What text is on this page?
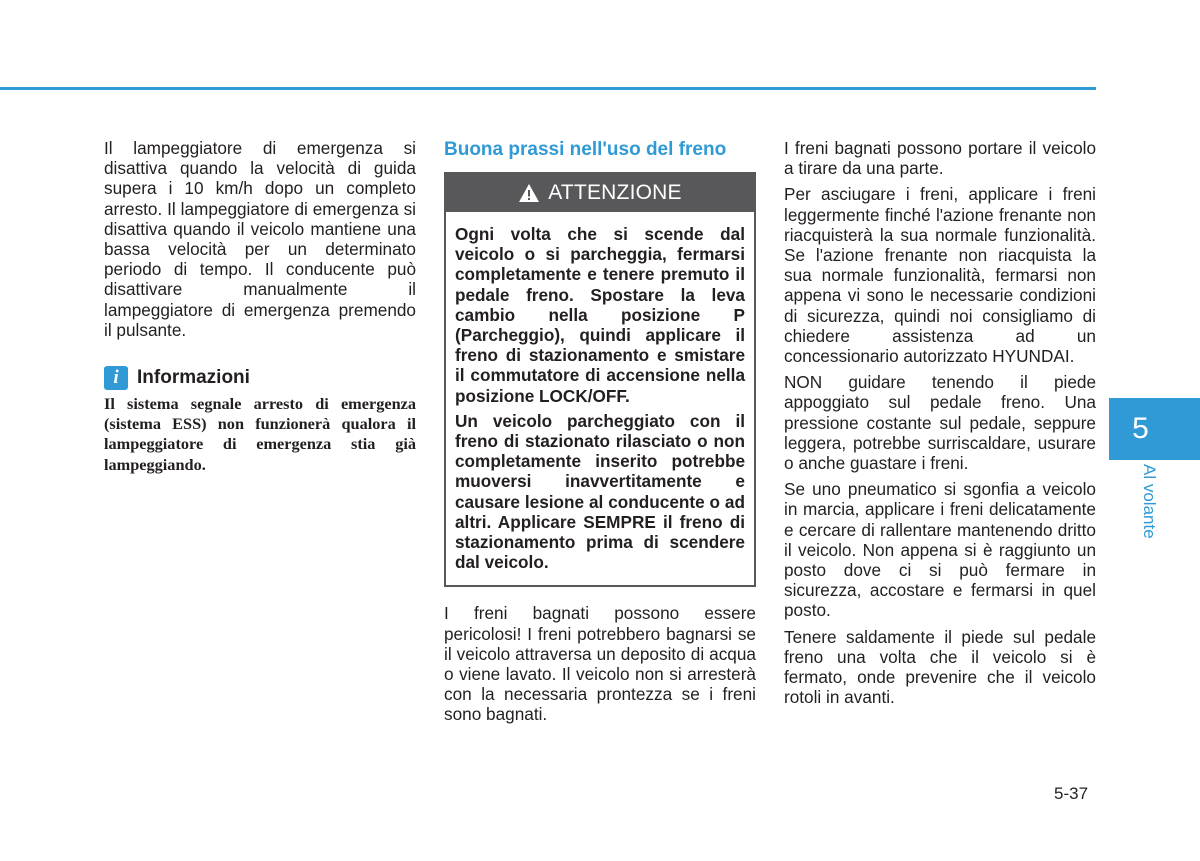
Il lampeggiatore di emergenza si disattiva quando la velocità di guida supera i 10 km/h dopo un completo arresto. Il lampeggiatore di emergenza si disattiva quando il veicolo mantiene una bassa velocità per un determinato periodo di tempo. Il conducente può disattivare manualmente il lampeggiatore di emergenza premendo il pulsante.

i Informazioni

Il sistema segnale arresto di emergenza (sistema ESS) non funzionerà qualora il lampeggiatore di emergenza stia già lampeggiando.

Buona prassi nell'uso del freno
ATTENZIONE

Ogni volta che si scende dal veicolo o si parcheggia, fermarsi completamente e tenere premuto il pedale freno. Spostare la leva cambio nella posizione P (Parcheggio), quindi applicare il freno di stazionamento e smistare il commutatore di accensione nella posizione LOCK/OFF.

Un veicolo parcheggiato con il freno di stazionato rilasciato o non completamente inserito potrebbe muoversi inavvertitamente e causare lesione al conducente o ad altri. Applicare SEMPRE il freno di stazionamento prima di scendere dal veicolo.

I freni bagnati possono essere pericolosi! I freni potrebbero bagnarsi se il veicolo attraversa un deposito di acqua o viene lavato. Il veicolo non si arresterà con la necessaria prontezza se i freni sono bagnati.

I freni bagnati possono portare il veicolo a tirare da una parte.

Per asciugare i freni, applicare i freni leggermente finché l'azione frenante non riacquisterà la sua normale funzionalità. Se l'azione frenante non riacquista la sua normale funzionalità, fermarsi non appena vi sono le necessarie condizioni di sicurezza, quindi noi consigliamo di chiedere assistenza ad un concessionario autorizzato HYUNDAI.

NON guidare tenendo il piede appoggiato sul pedale freno. Una pressione costante sul pedale, seppure leggera, potrebbe surriscaldare, usurare o anche guastare i freni.

Se uno pneumatico si sgonfia a veicolo in marcia, applicare i freni delicatamente e cercare di rallentare mantenendo dritto il veicolo. Non appena si è raggiunto un posto dove ci si può fermare in sicurezza, accostare e fermarsi in quel posto.

Tenere saldamente il piede sul pedale freno una volta che il veicolo si è fermato, onde prevenire che il veicolo rotoli in avanti.

5
Al volante
5-37
